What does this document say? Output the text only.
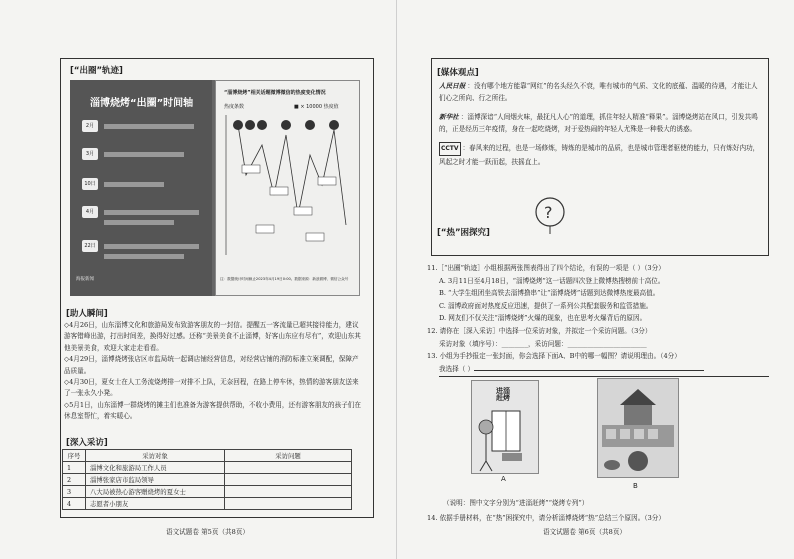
[“出圈”轨迹]
淄博烧烤“出圈”时间轴
2月
3月
10日
4月
22日
海报新闻
“淄博烧烤”相关话题微博微信的热度变化情况
■ × 10000 热度值
热度条数
注：数据统计时间截止2023年4月19日0:00。数据来源：新浪微博、微信公众号
[助人瞬间]
◇4月26日，山东淄博文化和旅游局发布致游客朋友的一封信。提醒五一客流量已超其接待能力，建议游客错峰出游，打出时间差，换得好过感。还称“美景美食不止淄博，好客山东应有尽有”，欢迎山东其他美景美食，欢迎大家走走看看。
◇4月29日，淄博烧烤张店区市监局统一起调店铺经营信息，对经营店铺的消防标准立案调配，保障产品质量。
◇4月30日，夏女士在人工务流烧烤排一对排不上队，无奈回程，在路上停车休，热情的游客朋友送来了一张永久小凳。
◇5月1日，山东淄博一群烧烤的摊主们也准备为游客提供帮助，不收小费用，还有游客朋友的孩子们在休息室帮忙，着实暖心。
[深入采访]
序号	采访对象	采访问题
1	淄博文化和旅游局工作人员	
2	淄博张家店市监局领导	
3	八大局被热心游客赠烧烤的夏女士	
4	志愿者小朋友	
语文试题卷 第5页（共8页）
[媒体观点]
人民日报 ：没有哪个地方能靠“网红”的名头经久不衰，唯有城市的气质、文化的底蕴、温暖的待遇，才能让人们心之所向、行之所往。
新华社 ：淄博深谙“人间烟火味，最抚凡人心”的道理，抓住年轻人精准“释果”。淄博烧烤站在风口，引发共鸣的，正是经历三年疫情，身在一起吃烧烤，对于爱热闹的年轻人尤殊是一种极大的诱惑。
CCTV ：春风来的过程，也是一场修炼，铸炼的是城市的品质，也是城市管理者驱使的能力，只有炼好内功，风起之时才能一跃而起，扶摇直上。
[“热”困探究]
?
11.［“出圈”轨迹］小组根据两张图表得出了四个结论，有误的一项是（ ）（3分）
A. 3月11日至4月18日，“淄博烧烤”这一话题四次登上微博热搜榜前十高位。
B. “大学生组团坐高铁去淄博撸串”让“淄博烧烤”话题到达微博热度最高值。
C. 淄博政府面对热度反应迅速，提供了一系列公共配套服务和监管措施。
D. 网友们不仅关注“淄博烧烤”火爆的现象，也在思考火爆背后的原因。
12. 请你在［深入采访］中选择一位采访对象，并拟定一个采访问题。（3分）
采访对象（填序号）：________，采访问题：________________________
13. 小组为手抄报定一张封面，你会选择下面A、B中的哪一幅图？请说明理由。（4分）
我选择（ ）
进淄赶烤
A
B
（说明：图中文字分别为“进淄赶烤”“烧烤专列”）
14. 依据手册材料，在“热”困探究中，请分析淄博烧烤“热”总结三个原因。（3分）
语文试题卷 第6页（共8页）
